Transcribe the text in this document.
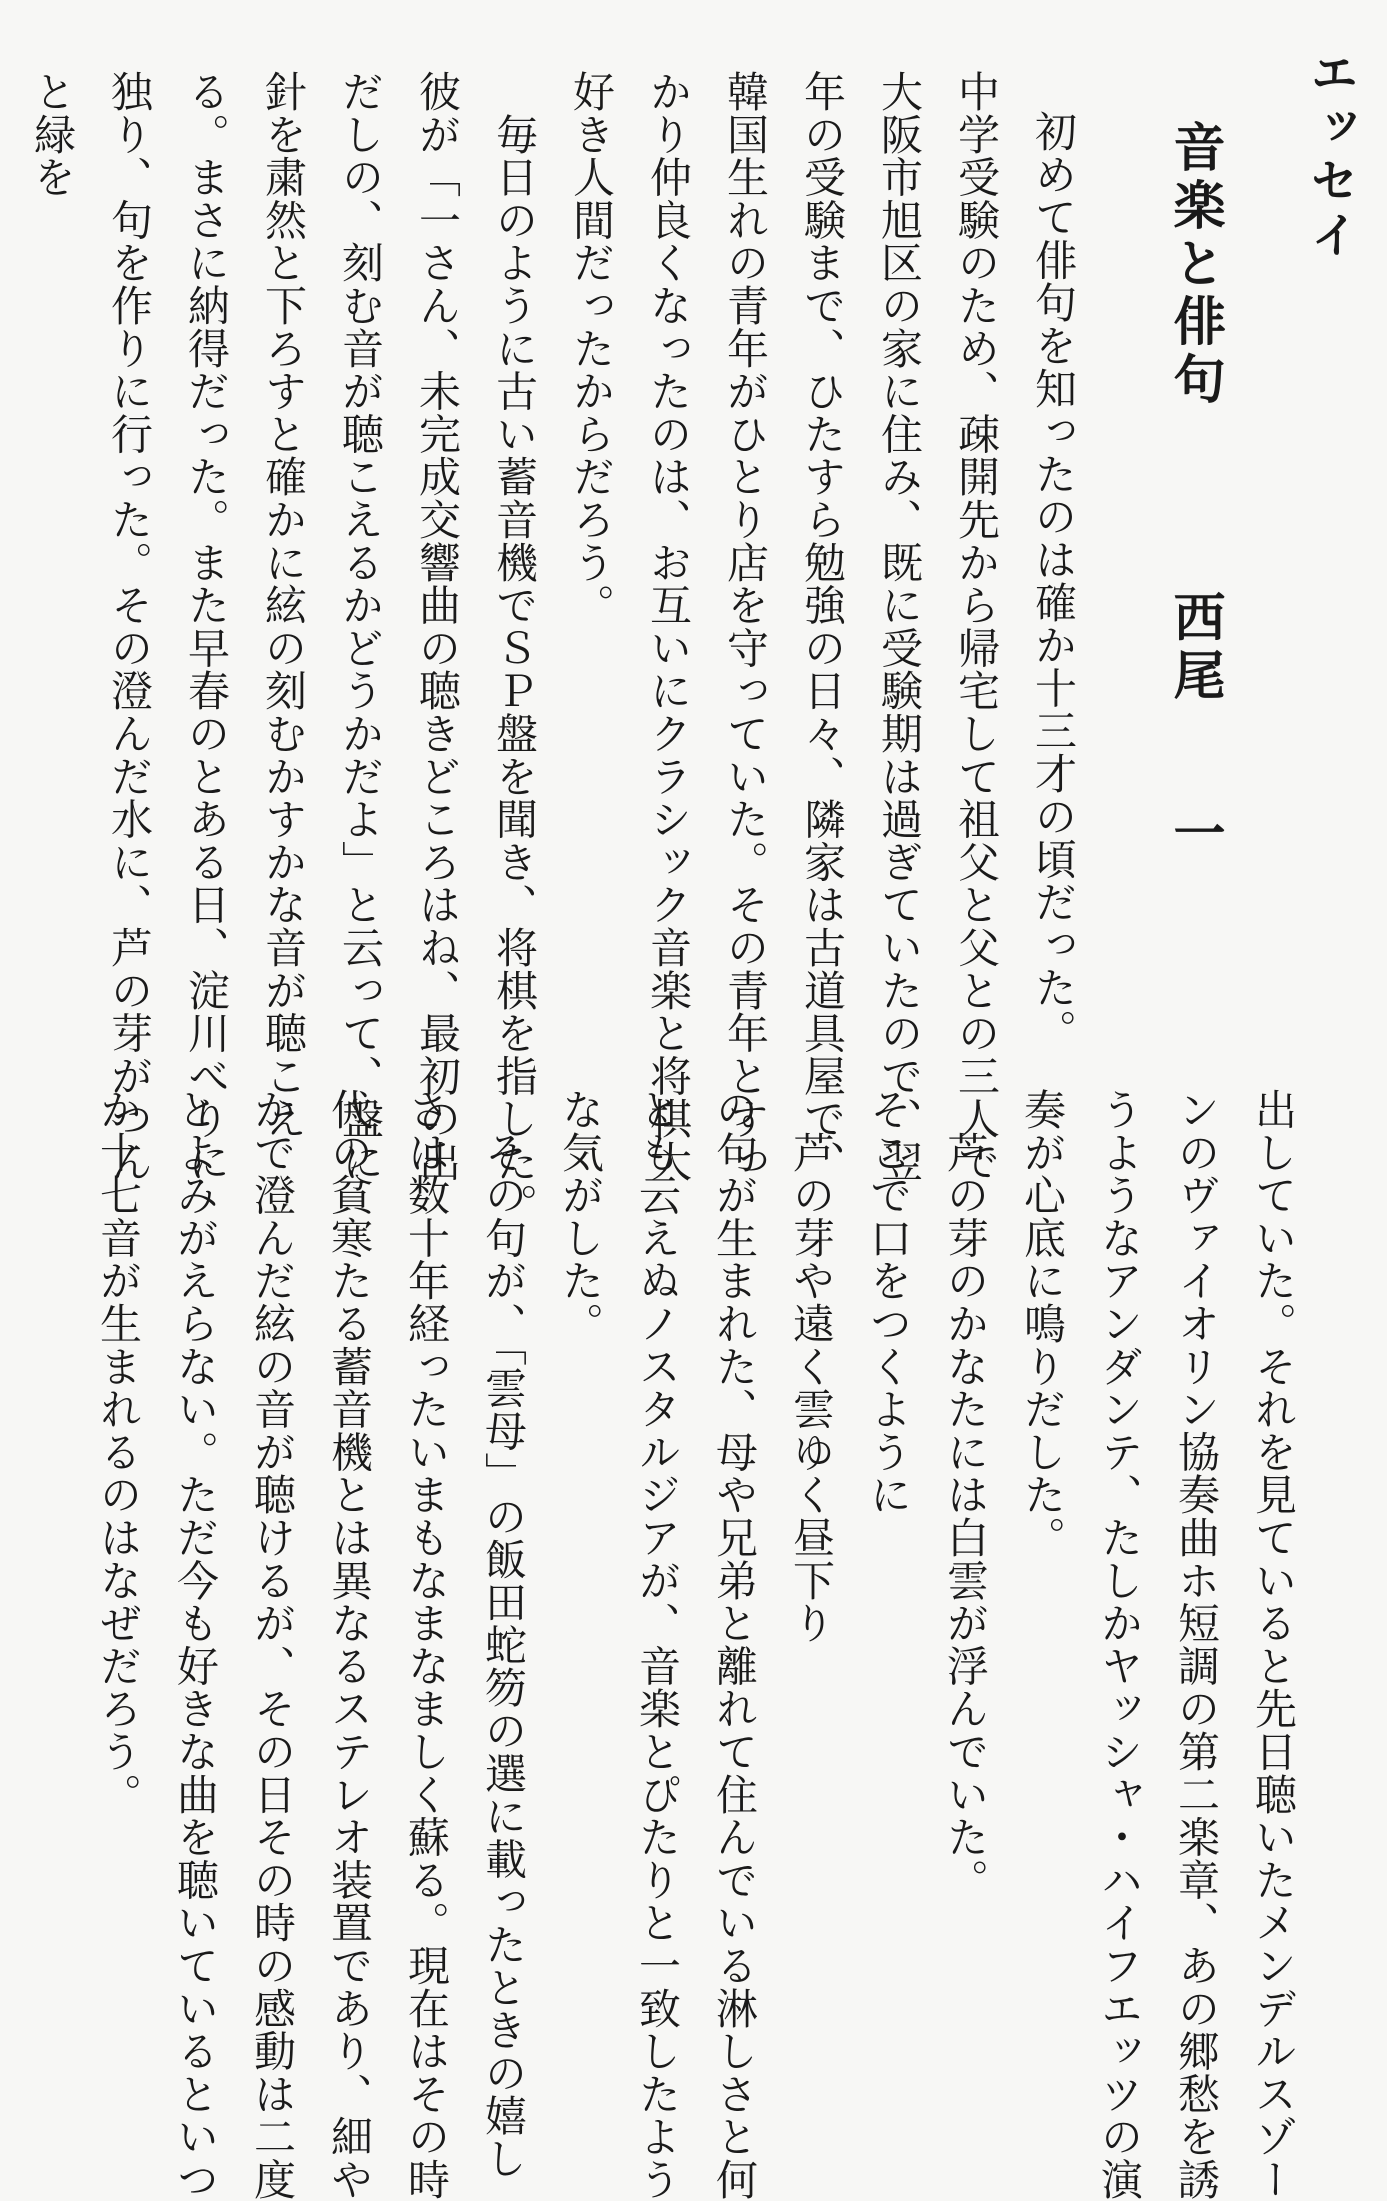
エッセイ
音楽と俳句
西尾一
初めて俳句を知ったのは確か十三才の頃だった。
中学受験のため、疎開先から帰宅して祖父と父との三人で
大阪市旭区の家に住み、既に受験期は過ぎていたので、翌
年の受験まで、ひたすら勉強の日々、隣家は古道具屋で、
韓国生れの青年がひとり店を守っていた。その青年とすっ
かり仲良くなったのは、お互いにクラシック音楽と将棋大
好き人間だったからだろう。
　毎日のように古い蓄音機でＳＰ盤を聞き、将棋を指した。
彼が「一さん、未完成交響曲の聴きどころはね、最初の出
だしの、刻む音が聴こえるかどうかだよ」と云って、盤に
針を粛然と下ろすと確かに絃の刻むかすかな音が聴こえ
る。まさに納得だった。また早春のとある日、淀川べりに
独り、句を作りに行った。その澄んだ水に、芦の芽がつん
と緑を
出していた。それを見ていると先日聴いたメンデルスゾー
ンのヴァイオリン協奏曲ホ短調の第二楽章、あの郷愁を誘
うようなアンダンテ、たしかヤッシャ・ハイフエッツの演
奏が心底に鳴りだした。
　芦の芽のかなたには白雲が浮んでいた。
そこで口をつくように
　芦の芽や遠く雲ゆく昼下り
の句が生まれた、母や兄弟と離れて住んでいる淋しさと何
とも云えぬノスタルジアが、音楽とぴたりと一致したよう
な気がした。
　その句が、「雲母」の飯田蛇笏の選に載ったときの嬉し
さは数十年経ったいまもなまなましく蘇る。現在はその時
代の貧寒たる蓄音機とは異なるステレオ装置であり、細や
かで澄んだ絃の音が聴けるが、その日その時の感動は二度
とよみがえらない。ただ今も好きな曲を聴いているといつ
か十七音が生まれるのはなぜだろう。
